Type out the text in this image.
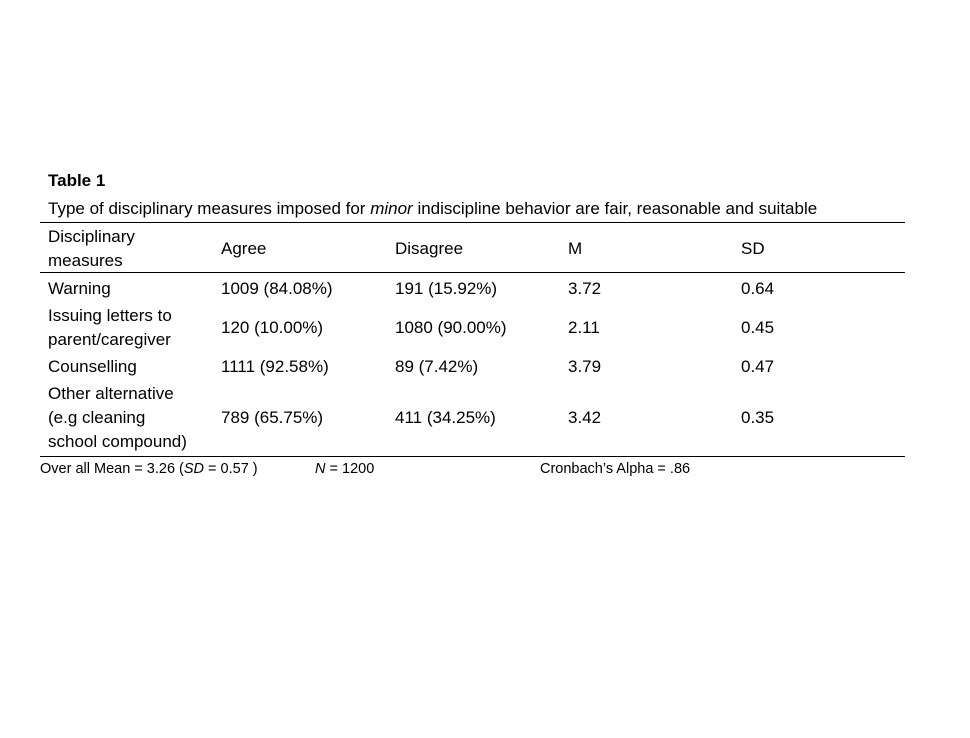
Table 1
Type of disciplinary measures imposed for minor indiscipline behavior are fair, reasonable and suitable
Disciplinary
measures
Agree	Disagree	M	SD
Warning	1009 (84.08%)	191 (15.92%)	3.72	0.64
Issuing letters to
parent/caregiver
120 (10.00%)	1080 (90.00%)	2.11	0.45
Counselling	1111 (92.58%)	89 (7.42%)	3.79	0.47
Other alternative
(e.g cleaning
school compound)
789 (65.75%)	411 (34.25%)	3.42	0.35
Over all Mean = 3.26 (SD = 0.57 )	N = 1200	Cronbach’s Alpha = .86
